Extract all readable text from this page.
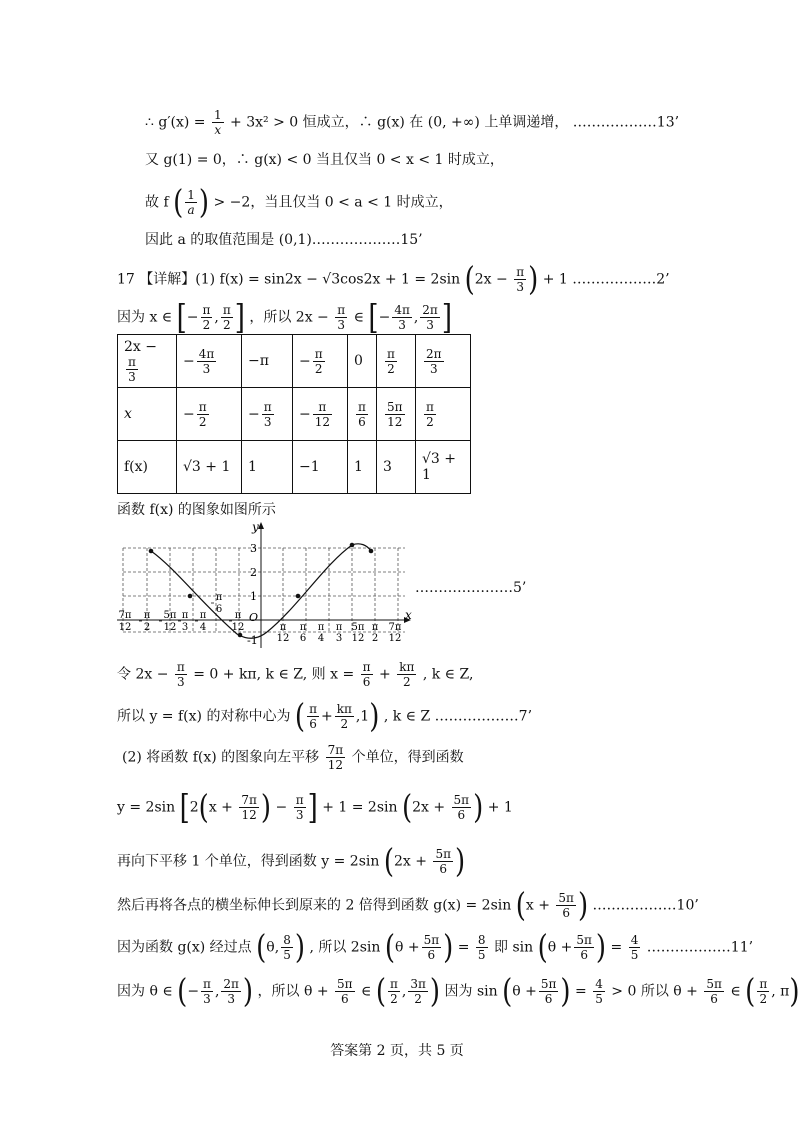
∴ $g'(x) = \frac{1}{x} + 3x^2 > 0$ 恒成立，∴ g(x) 在 (0, +∞) 上单调递增， ………………13’
又 g(1) = 0，∴ g(x) < 0 当且仅当 0 < x < 1 时成立，
故 f ( $\frac{1}{a}$ ) > −2，当且仅当 0 < a < 1 时成立，
因此 a 的取值范围是 (0,1).………………15’
17 【详解】(1) f(x) = sin2x − √3cos2x + 1 = 2sin ($2x - \frac{\pi}{3}$ ) + 1 ………………2’
因为 x ∈ [− $\frac{\pi}{2}$ , $\frac{\pi}{2}$ ] ，所以 $2x - \frac{\pi}{3}$ ∈ [− $\frac{4\pi}{3}$ , $\frac{2\pi}{3}$ ]
2x −
$\frac{\pi}{3}$	− $\frac{4\pi}{3}$	−π	− $\frac{\pi}{2}$	0	$\frac{\pi}{2}$	$\frac{2\pi}{3}$

x	− $\frac{\pi}{2}$	− $\frac{\pi}{3}$	− $\frac{\pi}{12}$	$\frac{\pi}{6}$	$\frac{5\pi}{12}$	$\frac{\pi}{2}$

f(x)	√3 + 1	1	−1	1	3	√3 + 1
函数 f(x) 的图象如图所示
…………………5’
y
x
O
3
2
1
-1
7π
12
π
2
5π
12
π
3
π
4
π
6
π
12	π
12
π
6
π
4
π
3
5π
12
π
2
7π
12
令 $2x - \frac{\pi}{3} = 0 + k\pi$, k ∈ Z, 则 $x = \frac{\pi}{6} + \frac{k\pi}{2}$ , k ∈ Z,
所以 y = f(x) 的对称中心为 ( $\frac{\pi}{6} + \frac{k\pi}{2} ,1$) , k ∈ Z ………………7’
(2) 将函数 f(x) 的图象向左平移 $\frac{7\pi}{12}$ 个单位，得到函数
y = 2sin [$2(x + \frac{7\pi}{12}$ ) − $\frac{\pi}{3}$ ] + 1 = 2sin ($2x + \frac{5\pi}{6}$ ) + 1
再向下平移 1 个单位，得到函数 y = 2sin ($2x + \frac{5\pi}{6}$ )
然后再将各点的横坐标伸长到原来的 2 倍得到函数 g(x) = 2sin ($x + \frac{5\pi}{6}$ ) ………………10’
因为函数 g(x) 经过点 (θ, $\frac{8}{5}$ ) , 所以 2sin ($\theta + \frac{5\pi}{6}$ ) = $\frac{8}{5}$ 即 $\sin (\theta + \frac{5\pi}{6}$ ) = $\frac{4}{5}$ ………………11’
因为 θ ∈ (− $\frac{\pi}{3}$ , $\frac{2\pi}{3}$ ) ，所以 $\theta + \frac{5\pi}{6}$ ∈ ( $\frac{\pi}{2}$ , $\frac{3\pi}{2}$ ) 因为 $\sin (\theta + \frac{5\pi}{6}$ ) = $\frac{4}{5} > 0$ 所以 $\theta + \frac{5\pi}{6}$ ∈ ( $\frac{\pi}{2}$ , π)
答案第 2 页，共 5 页
